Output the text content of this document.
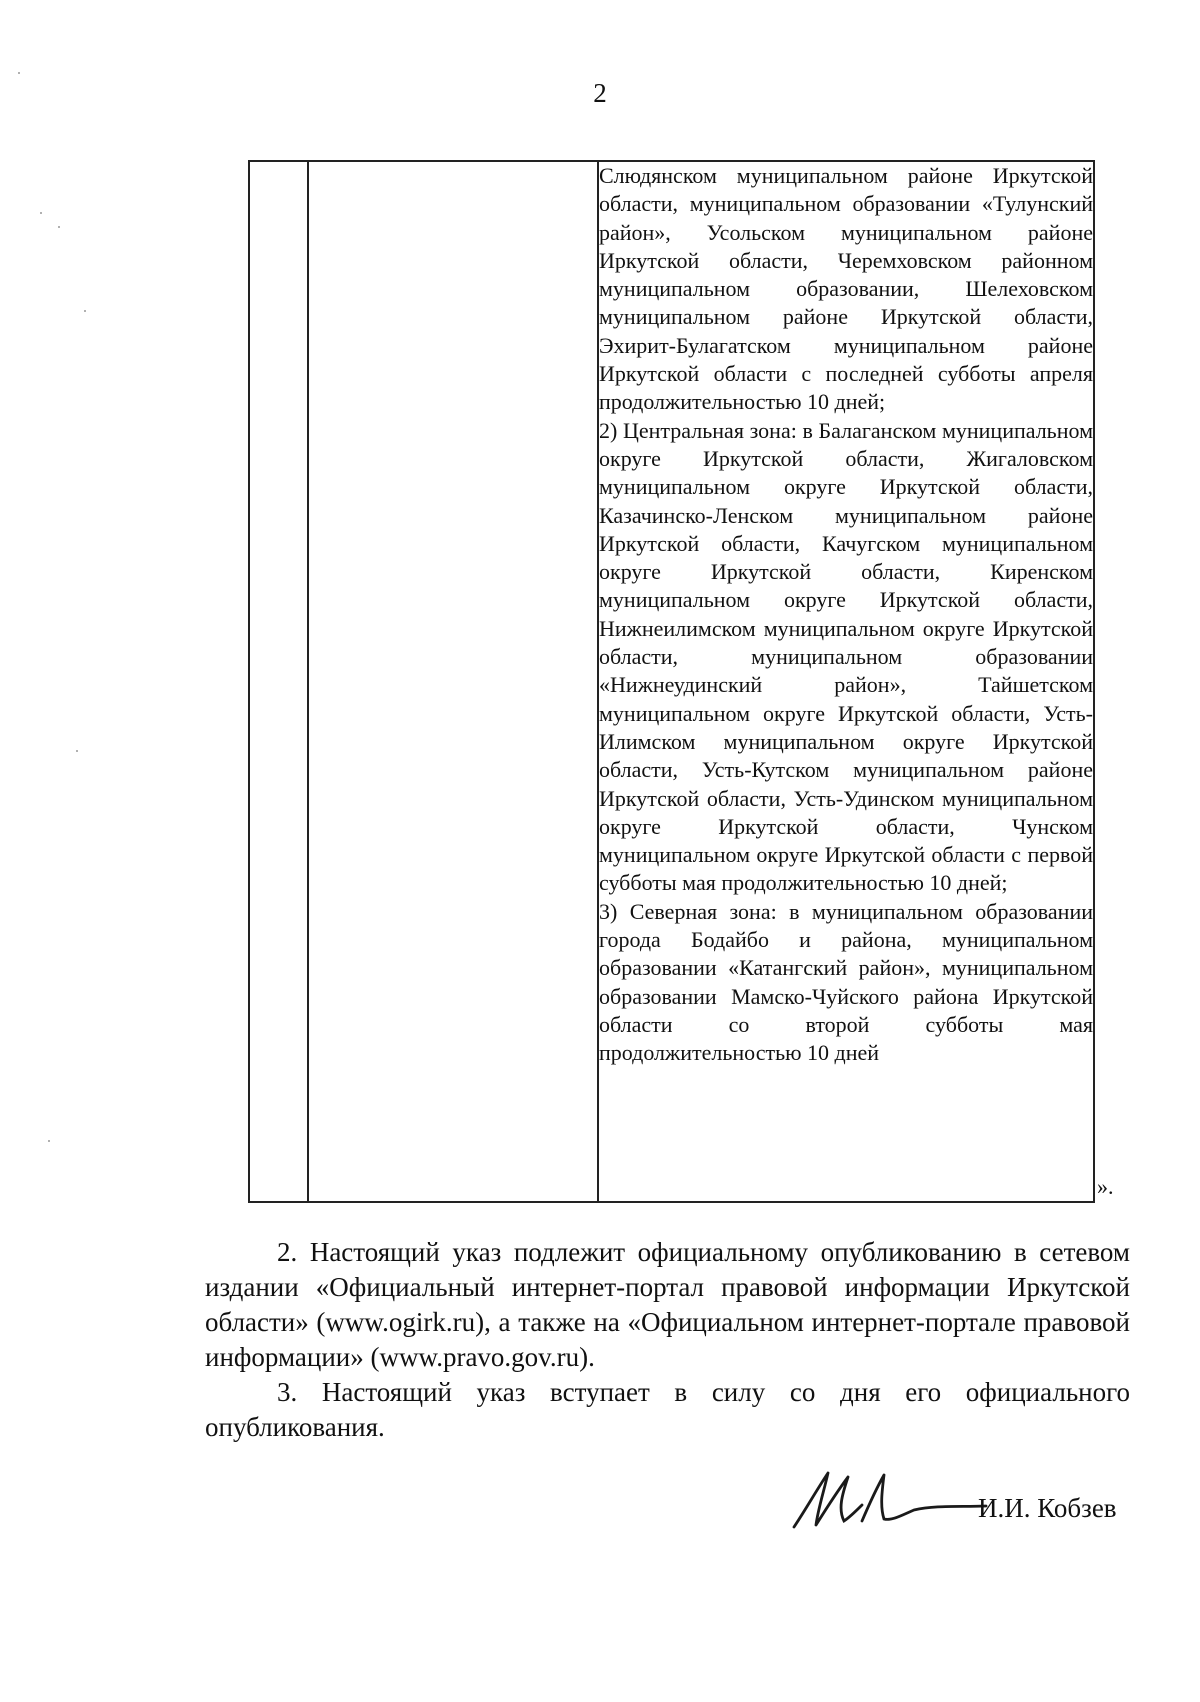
2

Слюдянском муниципальном районе Иркутской области, муниципальном образовании «Тулунский район», Усольском муниципальном районе Иркутской области, Черемховском районном муниципальном образовании, Шелеховском муниципальном районе Иркутской области, Эхирит-Булагатском муниципальном районе Иркутской области с последней субботы апреля продолжительностью 10 дней;
2) Центральная зона: в Балаганском муниципальном округе Иркутской области, Жигаловском муниципальном округе Иркутской области, Казачинско-Ленском муниципальном районе Иркутской области, Качугском муниципальном округе Иркутской области, Киренском муниципальном округе Иркутской области, Нижнеилимском муниципальном округе Иркутской области, муниципальном образовании «Нижнеудинский район», Тайшетском муниципальном округе Иркутской области, Усть-Илимском муниципальном округе Иркутской области, Усть-Кутском муниципальном районе Иркутской области, Усть-Удинском муниципальном округе Иркутской области, Чунском муниципальном округе Иркутской области с первой субботы мая продолжительностью 10 дней;
3) Северная зона: в муниципальном образовании города Бодайбо и района, муниципальном образовании «Катангский район», муниципальном образовании Мамско-Чуйского района Иркутской области со второй субботы мая продолжительностью 10 дней
».
2. Настоящий указ подлежит официальному опубликованию в сетевом издании «Официальный интернет-портал правовой информации Иркутской области» (www.ogirk.ru), а также на «Официальном интернет-портале правовой информации» (www.pravo.gov.ru).
3. Настоящий указ вступает в силу со дня его официального опубликования.
И.И. Кобзев
